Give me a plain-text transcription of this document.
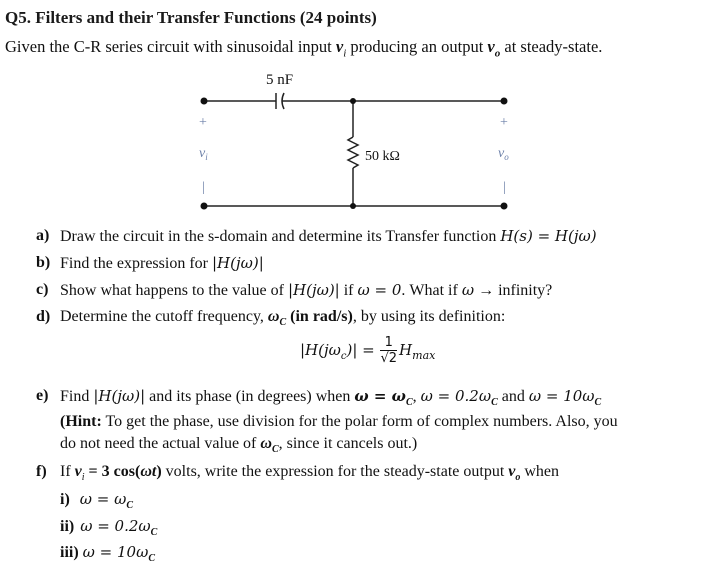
Q5. Filters and their Transfer Functions (24 points)
Given the C-R series circuit with sinusoidal input $v_i$ producing an output $v_o$ at steady-state.
5 nF
50 kΩ
+
|
$v_i$
+
|
$v_o$
a) Draw the circuit in the s-domain and determine its Transfer function H(s) = H(jω)
b) Find the expression for |H(jω)|
c) Show what happens to the value of |H(jω)| if ω = 0. What if ω → infinity?
d) Determine the cutoff frequency, $\omega_C$ (in rad/s), by using its definition:
$|H(j\omega_c)| = \frac{1}{√2} H_{max}$
e) Find |H(jω)| and its phase (in degrees) when $\omega = \omega_C$, $\omega = 0.2\omega_C$ and $\omega = 10\omega_C$
(Hint: To get the phase, use division for the polar form of complex numbers. Also, you
do not need the actual value of $\omega_C$, since it cancels out.)
f) If $v_i = 3$ cos(ωt) volts, write the expression for the steady-state output $v_o$ when
i) $\omega = \omega_C$
ii) $\omega = 0.2\omega_C$
iii) $\omega = 10\omega_C$
